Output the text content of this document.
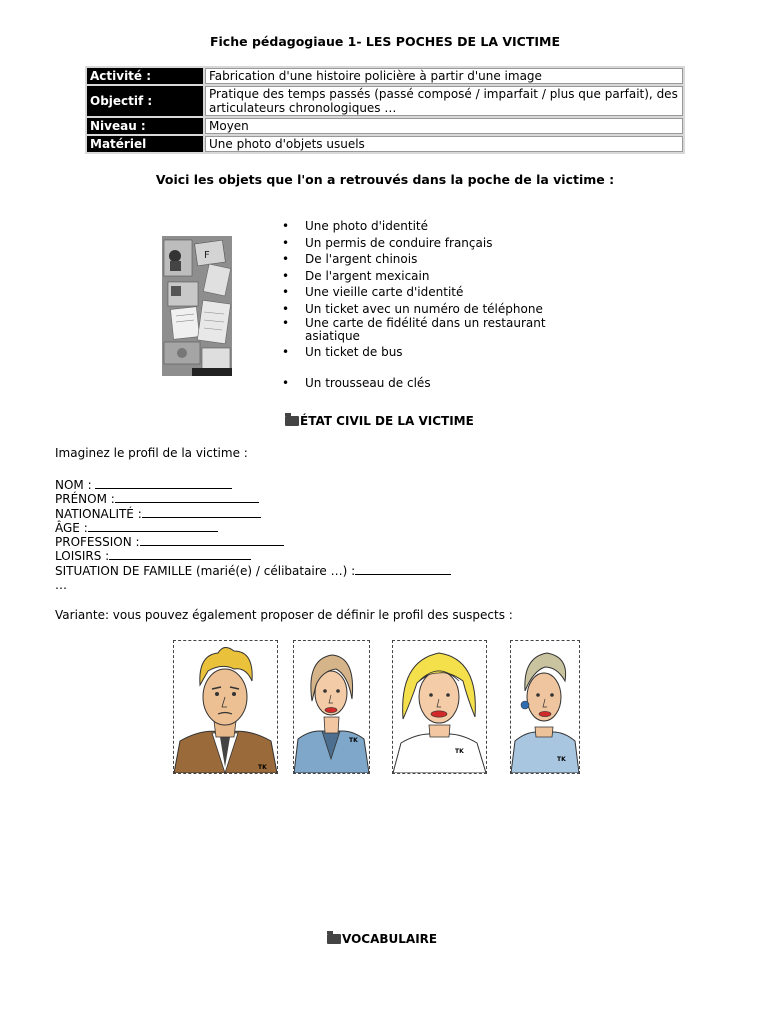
Fiche pédagogiaue 1- LES POCHES DE LA VICTIME
Activité :	Fabrication d'une histoire policière à partir d'une image
Objectif :	Pratique des temps passés (passé composé / imparfait / plus que parfait), des articulateurs chronologiques …
Niveau :	Moyen
Matériel	Une photo d'objets usuels
Voici les objets que l'on a retrouvés dans la poche de la victime :
F
• Une photo d'identité
• Un permis de conduire français
• De l'argent chinois
• De l'argent mexicain
• Une vieille carte d'identité
• Un ticket avec un numéro de téléphone
• Une carte de fidélité dans un restaurant asiatique
• Un ticket de bus
• Un trousseau de clés
ÉTAT CIVIL DE LA VICTIME
Imaginez le profil de la victime :
NOM :
PRÉNOM :
NATIONALITÉ :
ÂGE :
PROFESSION :
LOISIRS :
SITUATION DE FAMILLE (marié(e) / célibataire …) :
…
Variante: vous pouvez également proposer de définir le profil des suspects :
TK
TK
TK
TK
VOCABULAIRE
